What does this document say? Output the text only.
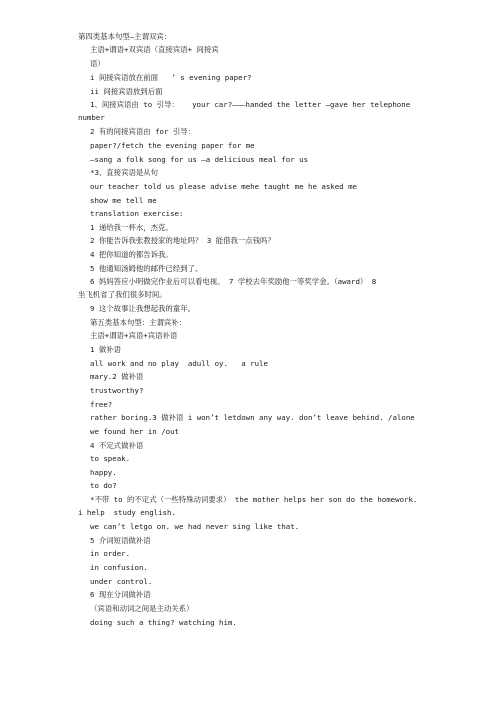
第四类基本句型—主谓双宾：
主语+谓语+双宾语（直接宾语+ 间接宾
语）
i 间接宾语放在前面   ’ s evening paper?
ii 间接宾语放到后面
1、间接宾语由 to 引导：   your car?———handed the letter —gave her telephone
number
2 有的间接宾语由 for 引导：
paper?/fetch the evening paper for me
–sang a folk song for us —a delicious meal for us
*3、直接宾语是从句
our teacher told us please advise mehe taught me he asked me
show me tell me
translation exercise:
1 递给我一杯水，杰克。
2 你能告诉我张教授家的地址吗？ 3 能借我一点钱吗？
4 把你知道的都告诉我。
5 他通知汤姆他的邮件已经到了。
6 妈妈答应小明做完作业后可以看电视。 7 学校去年奖励他一等奖学金。（award） 8
坐飞机省了我们很多时间。
9 这个故事让我想起我的童年。
第五类基本句型：主谓宾补：
主语+谓语+宾语+宾语补语
1 做补语
all work and no play  adull oy.   a rule
mary.2 做补语
trustworthy?
free?
rather boring.3 做补语 i won’t letdown any way. don’t leave behind. /alone
we found her in /out
4 不定式做补语
to speak.
happy.
to do?
*不带 to 的不定式（一些特殊动词要求） the mother helps her son do the homework.
i help  study english.
we can’t letgo on. we had never sing like that.
5 介词短语做补语
in order.
in confusion.
under control.
6 现在分词做补语
（宾语和动词之间是主动关系）
doing such a thing? watching him.
